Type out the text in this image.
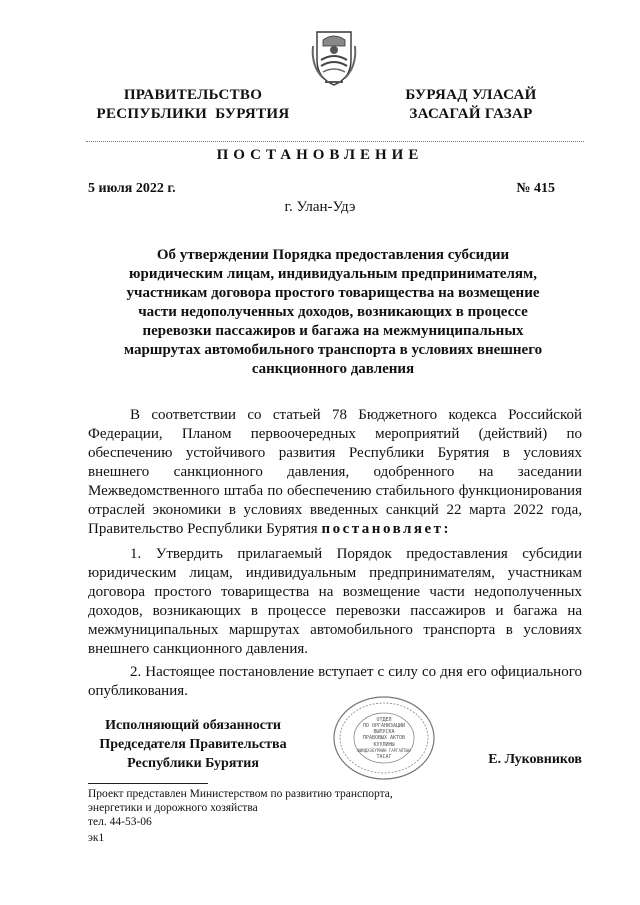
ПРАВИТЕЛЬСТВО
РЕСПУБЛИКИ  БУРЯТИЯ
БУРЯАД УЛАСАЙ
ЗАСАГАЙ ГАЗАР
ПОСТАНОВЛЕНИЕ
5 июля 2022 г.	№ 415
г. Улан-Удэ
Об утверждении Порядка предоставления субсидии юридическим лицам, индивидуальным предпринимателям, участникам договора простого товарищества на возмещение части недополученных доходов, возникающих в процессе перевозки пассажиров и багажа на межмуниципальных маршрутах автомобильного транспорта в условиях внешнего санкционного давления
В соответствии со статьей 78 Бюджетного кодекса Российской Федерации, Планом первоочередных мероприятий (действий) по обеспечению устойчивого развития Республики Бурятия в условиях внешнего санкционного давления, одобренного на заседании Межведомственного штаба по обеспечению стабильного функционирования отраслей экономики в условиях введенных санкций 22 марта 2022 года, Правительство Республики Бурятия постановляет:
1. Утвердить прилагаемый Порядок предоставления субсидии юридическим лицам, индивидуальным предпринимателям, участникам договора простого товарищества на возмещение части недополученных доходов, возникающих в процессе перевозки пассажиров и багажа на межмуниципальных маршрутах автомобильного транспорта в условиях внешнего санкционного давления.
2. Настоящее постановление вступает с силу со дня его официального опубликования.
Исполняющий обязанности
Председателя Правительства
Республики Бурятия
ОТДЕЛ
ПО ОРГАНИЗАЦИИ
ВЫПУСКА
ПРАВОВЫХ АКТОВ
КУУЛИНЫ
ШИИДХЭБҮРИИН ГАРГАЛТЫН
ТАСАГ	Е. Луковников
Проект представлен Министерством по развитию транспорта,
энергетики и дорожного хозяйства
тел. 44-53-06
эк1
